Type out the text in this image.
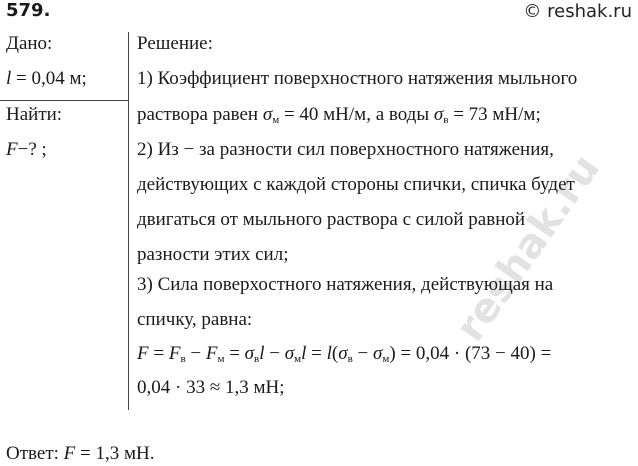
579.	© reshak.ru
reshak.ru
Дано:
l = 0,04 м;
Найти:
F−? ;
Решение:
1) Коэффициент поверхностного натяжения мыльного
раствора равен $\sigma_м = 40$ мН/м, а воды $\sigma_в = 73$ мН/м;
2) Из − за разности сил поверхностного натяжения,
действующих с каждой стороны спички, спичка будет
двигаться от мыльного раствора с силой равной
разности этих сил;
3) Сила поверхостного натяжения, действующая на
спичку, равна:
$F = F_в - F_м = \sigma_вl - \sigma_мl = l(\sigma_в - \sigma_м) = 0,04 \cdot (73 - 40)$ =
0,04 · 33 ≈ 1,3 мН;
Ответ: F = 1,3 мН.
